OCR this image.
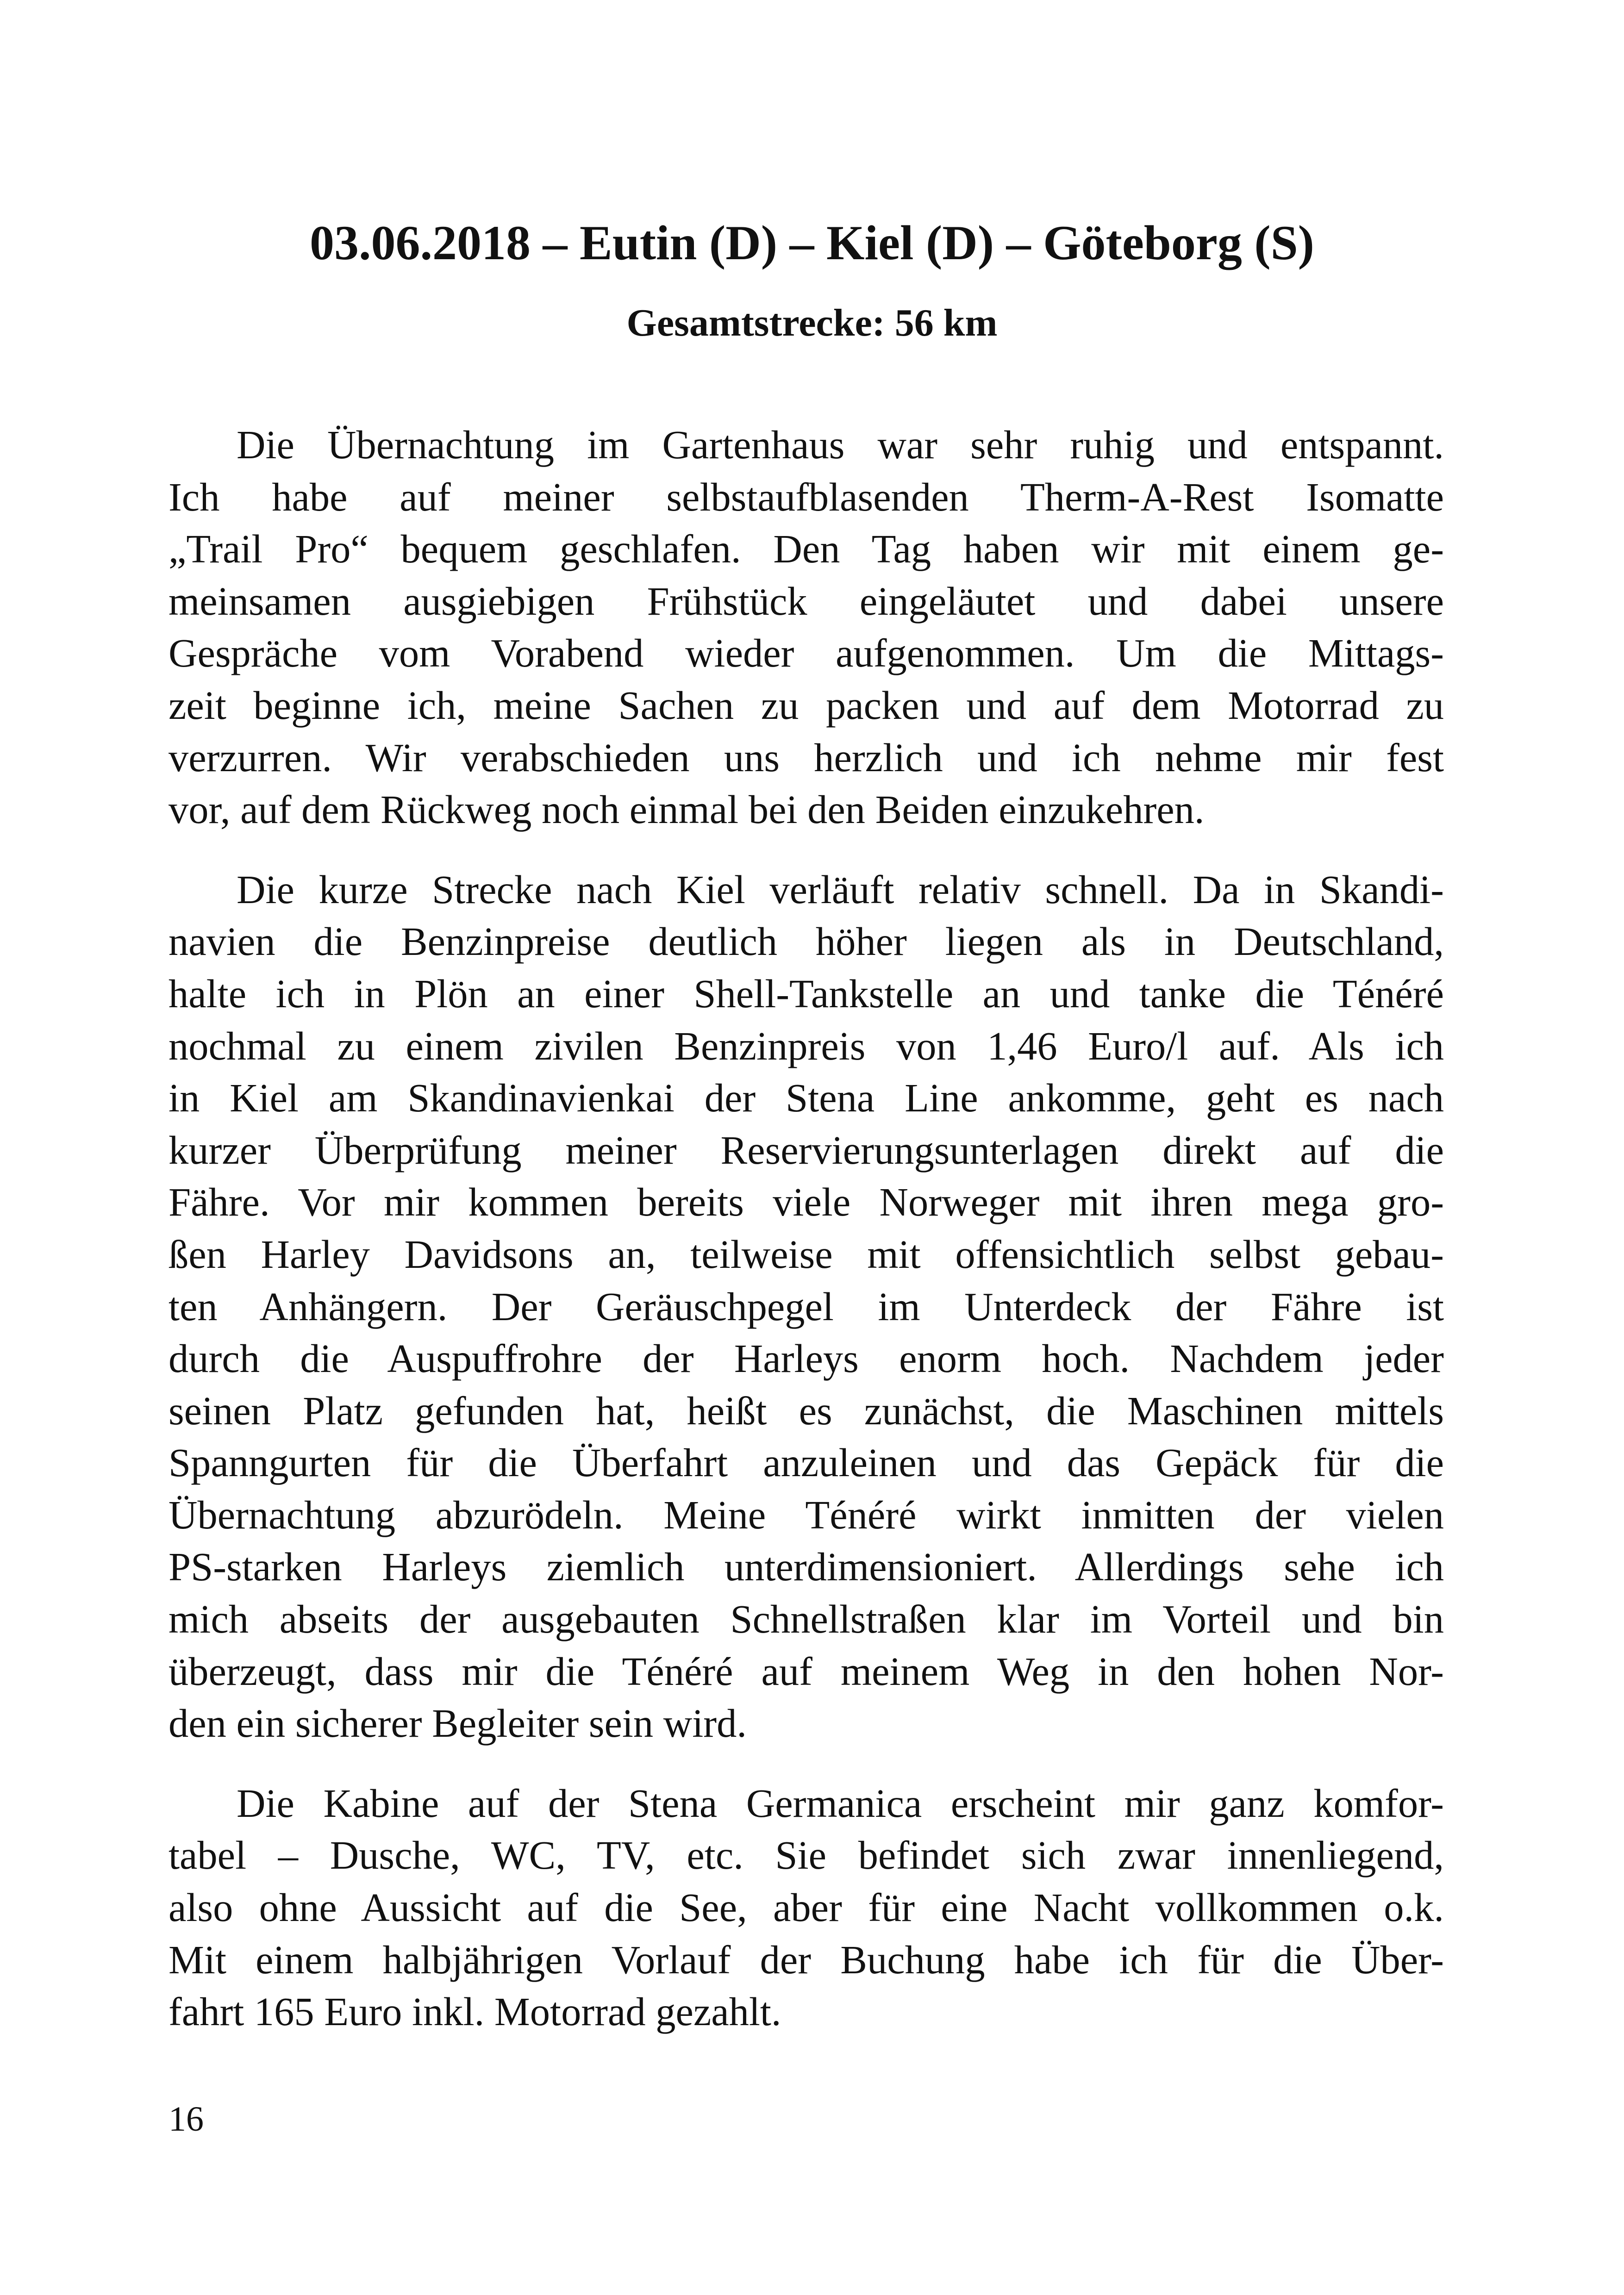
03.06.2018 – Eutin (D) – Kiel (D) – Göteborg (S)
Gesamtstrecke: 56 km

Die Übernachtung im Gartenhaus war sehr ruhig und entspannt.
Ich habe auf meiner selbstaufblasenden Therm-A-Rest Isomatte
„Trail Pro“ bequem geschlafen. Den Tag haben wir mit einem ge-
meinsamen ausgiebigen Frühstück eingeläutet und dabei unsere
Gespräche vom Vorabend wieder aufgenommen. Um die Mittags-
zeit beginne ich, meine Sachen zu packen und auf dem Motorrad zu
verzurren. Wir verabschieden uns herzlich und ich nehme mir fest
vor, auf dem Rückweg noch einmal bei den Beiden einzukehren.

Die kurze Strecke nach Kiel verläuft relativ schnell. Da in Skandi-
navien die Benzinpreise deutlich höher liegen als in Deutschland,
halte ich in Plön an einer Shell-Tankstelle an und tanke die Ténéré
nochmal zu einem zivilen Benzinpreis von 1,46 Euro/l auf. Als ich
in Kiel am Skandinavienkai der Stena Line ankomme, geht es nach
kurzer Überprüfung meiner Reservierungsunterlagen direkt auf die
Fähre. Vor mir kommen bereits viele Norweger mit ihren mega gro-
ßen Harley Davidsons an, teilweise mit offensichtlich selbst gebau-
ten Anhängern. Der Geräuschpegel im Unterdeck der Fähre ist
durch die Auspuffrohre der Harleys enorm hoch. Nachdem jeder
seinen Platz gefunden hat, heißt es zunächst, die Maschinen mittels
Spanngurten für die Überfahrt anzuleinen und das Gepäck für die
Übernachtung abzurödeln. Meine Ténéré wirkt inmitten der vielen
PS-starken Harleys ziemlich unterdimensioniert. Allerdings sehe ich
mich abseits der ausgebauten Schnellstraßen klar im Vorteil und bin
überzeugt, dass mir die Ténéré auf meinem Weg in den hohen Nor-
den ein sicherer Begleiter sein wird.

Die Kabine auf der Stena Germanica erscheint mir ganz komfor-
tabel – Dusche, WC, TV, etc. Sie befindet sich zwar innenliegend,
also ohne Aussicht auf die See, aber für eine Nacht vollkommen o.k.
Mit einem halbjährigen Vorlauf der Buchung habe ich für die Über-
fahrt 165 Euro inkl. Motorrad gezahlt.

16
